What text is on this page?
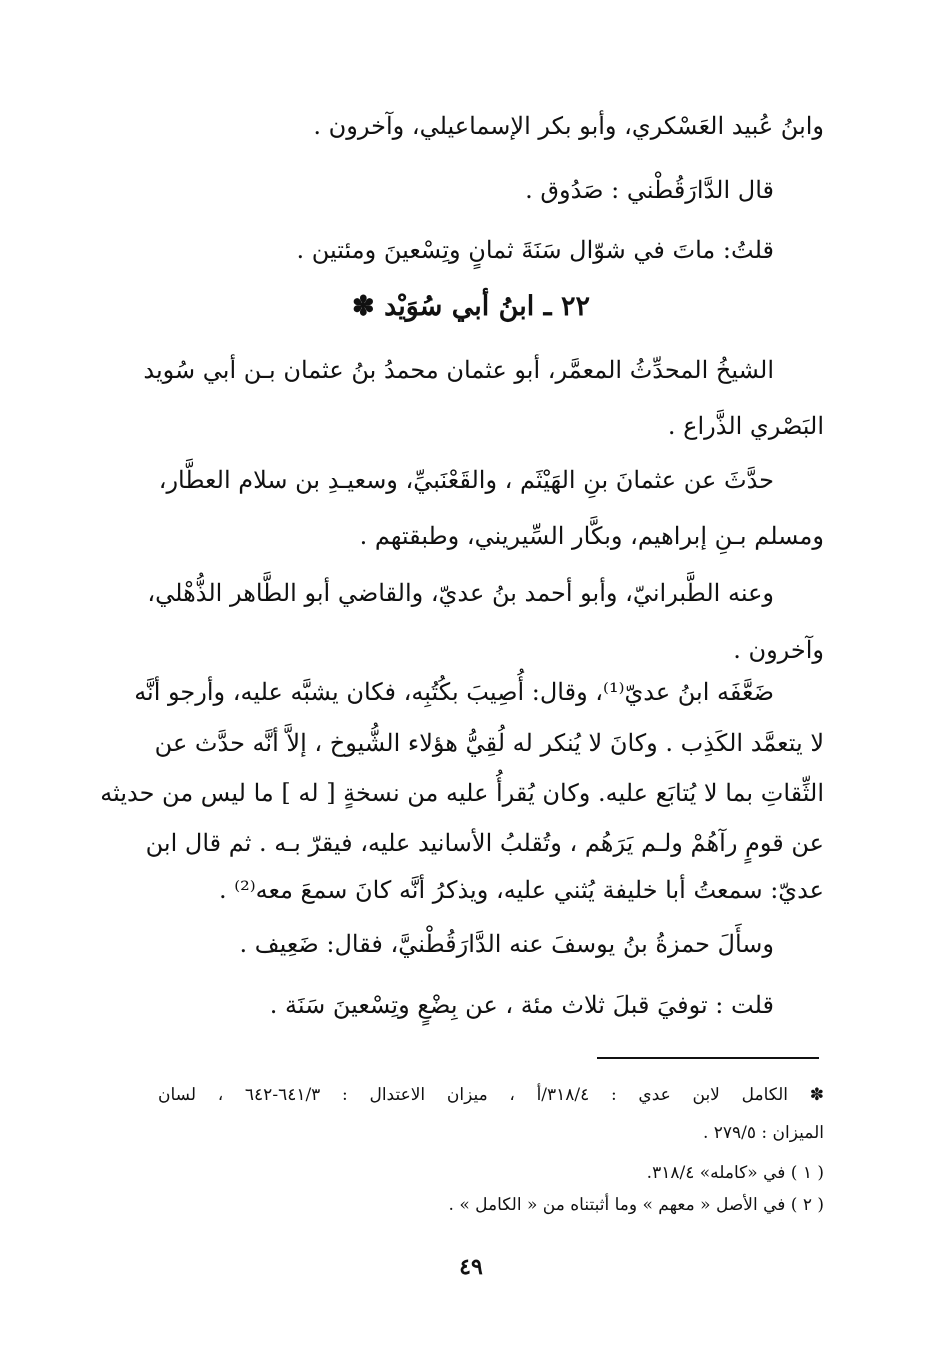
وابنُ عُبيد العَسْكري، وأبو بكر الإسماعيلي، وآخرون .
قال الدَّارَقُطْني : صَدُوق .
قلتُ: ماتَ في شوّال سَنَةَ ثمانٍ وتِسْعينَ ومئتين .
٢٢ ـ ابنُ أبي سُوَيْد ✽
الشيخُ المحدِّثُ المعمَّر، أبو عثمان محمدُ بنُ عثمان بـن أبي سُويد
البَصْري الذَّراع .
حدَّثَ عن عثمانَ بنِ الهَيْثَم ، والقَعْنَبيِّ، وسعيـدِ بن سلام العطَّار،
ومسلم بـنِ إبراهيم، وبكَّار السِّيريني، وطبقتهم .
وعنه الطَّبرانيّ، وأبو أحمد بنُ عديّ، والقاضي أبو الطَّاهر الذُّهْلي،
وآخرون .
ضَعَّفَه ابنُ عديّ⁽¹⁾، وقال: أُصِيبَ بكُتُبِه، فكان يشبَّه عليه، وأرجو أنَّه
لا يتعمَّد الكَذِب . وكانَ لا يُنكر له لُقِيُّ هؤلاء الشُّيوخ ، إلاَّ أنَّه حدَّث عن
الثِّقاتِ بما لا يُتابَع عليه. وكان يُقرأُ عليه من نسخةٍ [ له ] ما ليس من حديثه
عن قومٍ رآهُمْ ولـم يَرَهُم ، وتُقلبُ الأسانيد عليه، فيقرّ بـه . ثم قال ابن
عديّ: سمعتُ أبا خليفة يُثني عليه، ويذكرُ أنَّه كانَ سمعَ معه⁽²⁾ .
وسأَلَ حمزةُ بنُ يوسفَ عنه الدَّارَقُطْنيَّ، فقال: ضَعِيف .
قلت : توفيَ قبلَ ثلاث مئة ، عن بِضْعٍ وتِسْعينَ سَنَة .
✽ الكامل لابن عدي : ٣١٨/٤/أ ، ميزان الاعتدال : ٦٤١/٣-٦٤٢ ، لسان
الميزان : ٢٧٩/٥ .
( ١ ) في «كامله» ٣١٨/٤.
( ٢ ) في الأصل « معهم » وما أثبتناه من « الكامل » .
٤٩
